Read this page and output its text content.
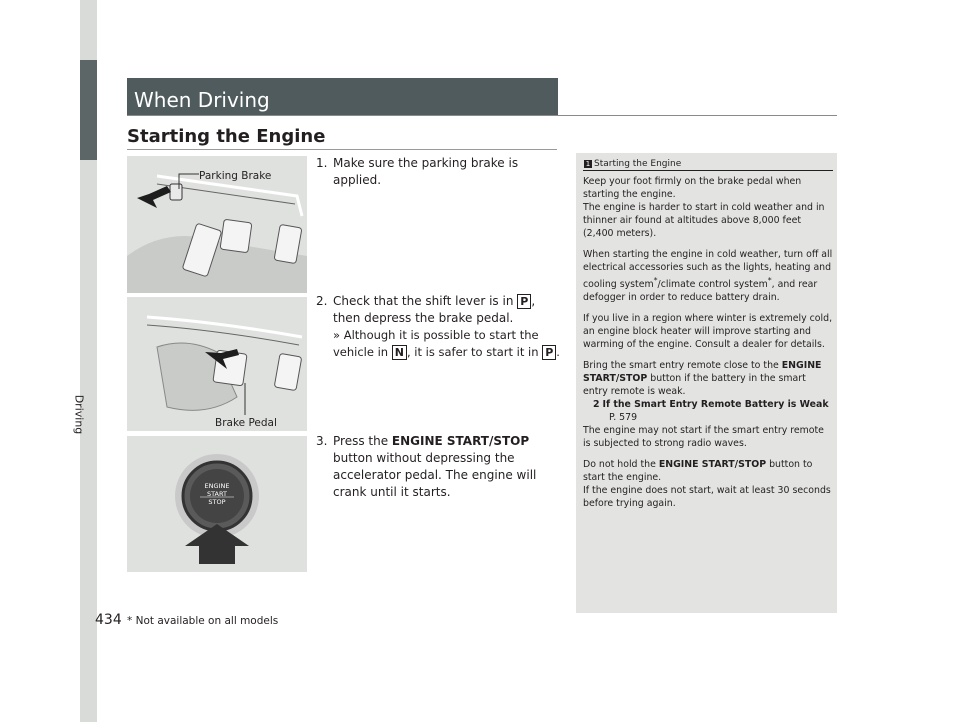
Driving
When Driving
Starting the Engine
Parking Brake
Brake Pedal
ENGINE
START
STOP
1. Make sure the parking brake is applied.
2. Check that the shift lever is in P , then depress the brake pedal.
» Although it is possible to start the vehicle in N , it is safer to start it in P .
3. Press the ENGINE START/STOP button without depressing the accelerator pedal. The engine will crank until it starts.
1 Starting the Engine

Keep your foot firmly on the brake pedal when starting the engine.
The engine is harder to start in cold weather and in thinner air found at altitudes above 8,000 feet (2,400 meters).

When starting the engine in cold weather, turn off all electrical accessories such as the lights, heating and cooling system*/climate control system*, and rear defogger in order to reduce battery drain.

If you live in a region where winter is extremely cold, an engine block heater will improve starting and warming of the engine. Consult a dealer for details.

Bring the smart entry remote close to the ENGINE START/STOP button if the battery in the smart entry remote is weak.

2 If the Smart Entry Remote Battery is Weak
P. 579

The engine may not start if the smart entry remote is subjected to strong radio waves.

Do not hold the ENGINE START/STOP button to start the engine.

If the engine does not start, wait at least 30 seconds before trying again.

434 * Not available on all models
